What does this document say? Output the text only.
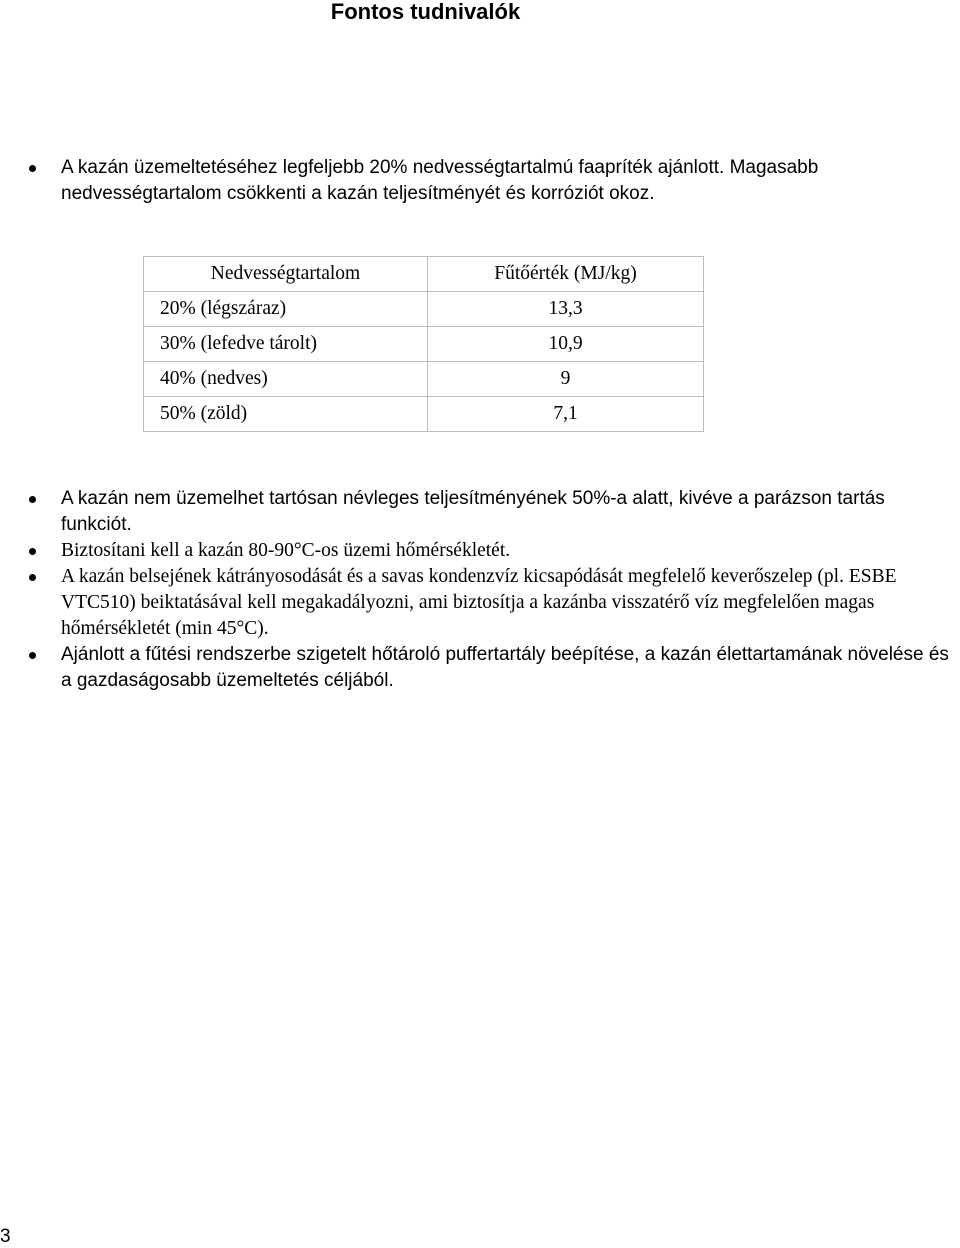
Fontos tudnivalók
A kazán üzemeltetéséhez legfeljebb 20% nedvességtartalmú faapríték ajánlott. Magasabb nedvességtartalom csökkenti a kazán teljesítményét és korróziót okoz.
Nedvességtartalom	Fűtőérték (MJ/kg)
20% (légszáraz)	13,3
30% (lefedve tárolt)	10,9
40% (nedves)	9
50% (zöld)	7,1
A kazán nem üzemelhet tartósan névleges teljesítményének 50%-a alatt, kivéve a parázson tartás funkciót.
Biztosítani kell a kazán 80-90°C-os üzemi hőmérsékletét.
A kazán belsejének kátrányosodását és a savas kondenzvíz kicsapódását megfelelő keverőszelep (pl. ESBE VTC510) beiktatásával kell megakadályozni, ami biztosítja a kazánba visszatérő víz megfelelően magas hőmérsékletét (min 45°C).
Ajánlott a fűtési rendszerbe szigetelt hőtároló puffertartály beépítése, a kazán élettartamának növelése és a gazdaságosabb üzemeltetés céljából.
3
